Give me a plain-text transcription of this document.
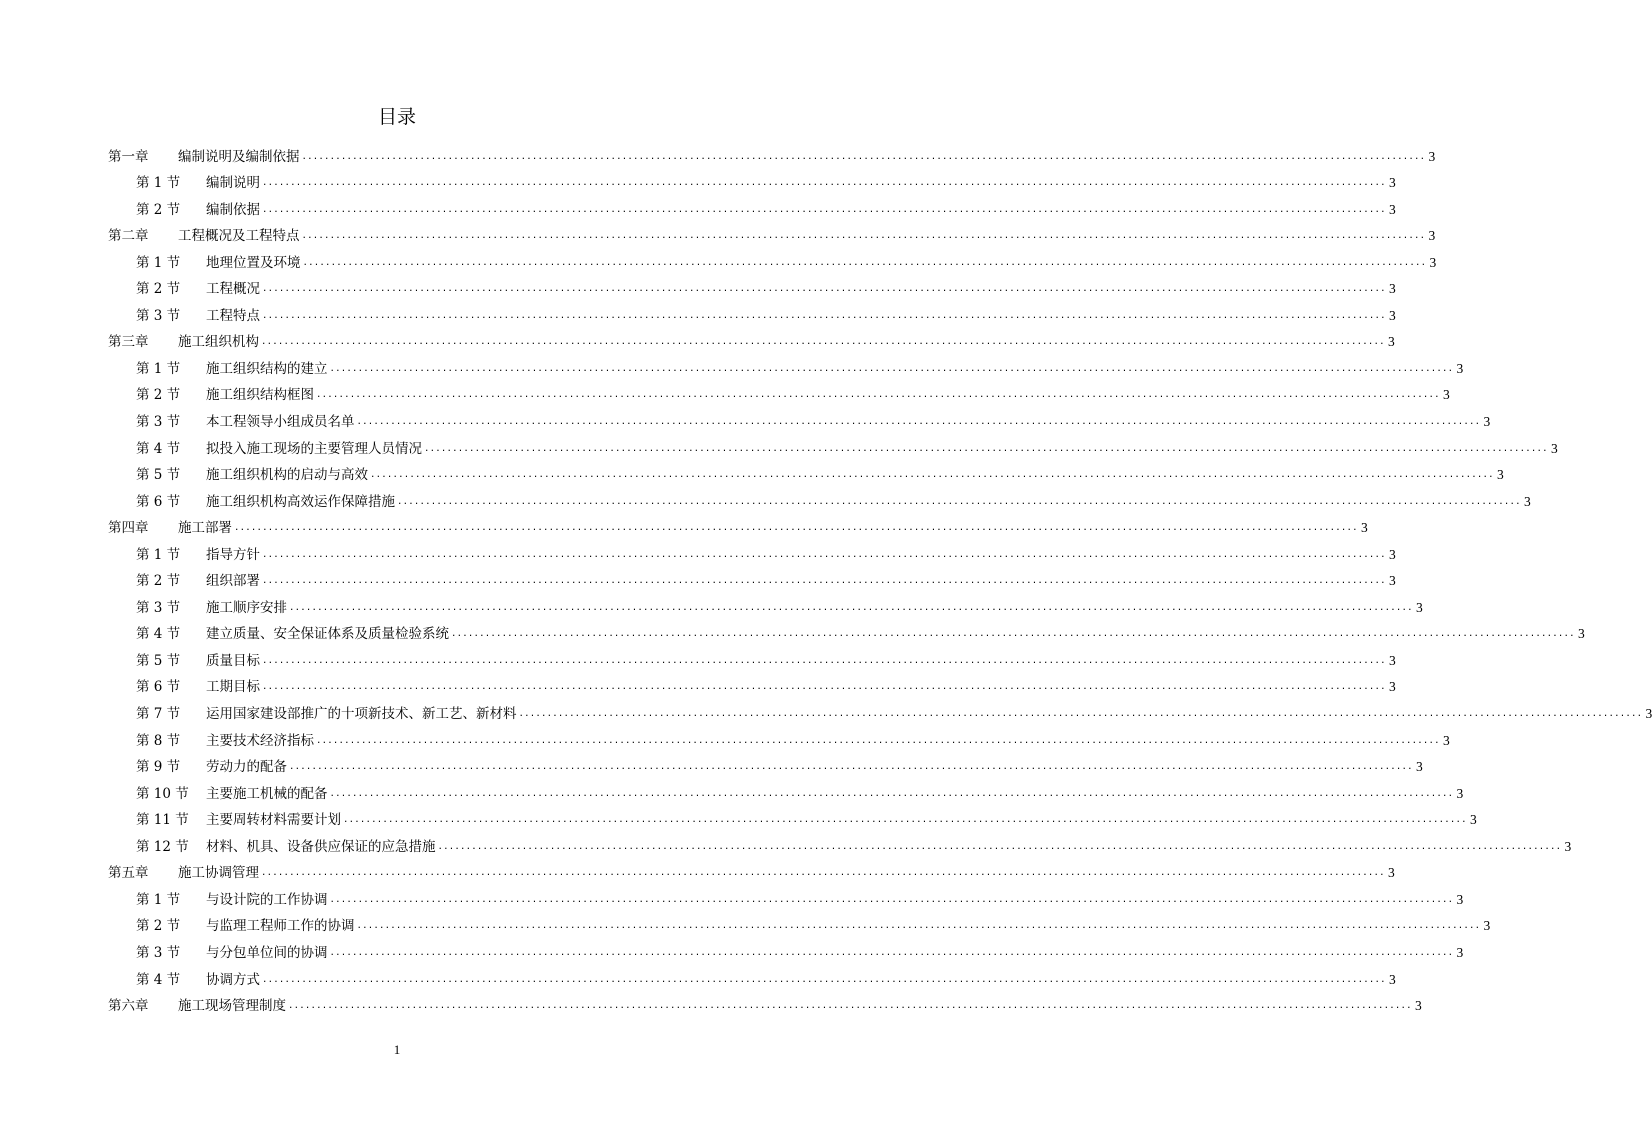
目录
第一章	编制说明及编制依据 ........................................................................................................................................................................................................ 3
第 1 节	编制说明 ........................................................................................................................................................................................................ 3
第 2 节	编制依据 ........................................................................................................................................................................................................ 3
第二章	工程概况及工程特点 ........................................................................................................................................................................................................ 3
第 1 节	地理位置及环境 ........................................................................................................................................................................................................ 3
第 2 节	工程概况 ........................................................................................................................................................................................................ 3
第 3 节	工程特点 ........................................................................................................................................................................................................ 3
第三章	施工组织机构 ........................................................................................................................................................................................................ 3
第 1 节	施工组织结构的建立 ........................................................................................................................................................................................................ 3
第 2 节	施工组织结构框图 ........................................................................................................................................................................................................ 3
第 3 节	本工程领导小组成员名单 ........................................................................................................................................................................................................ 3
第 4 节	拟投入施工现场的主要管理人员情况 ........................................................................................................................................................................................................ 3
第 5 节	施工组织机构的启动与高效 ........................................................................................................................................................................................................ 3
第 6 节	施工组织机构高效运作保障措施 ........................................................................................................................................................................................................ 3
第四章	施工部署 ........................................................................................................................................................................................................ 3
第 1 节	指导方针 ........................................................................................................................................................................................................ 3
第 2 节	组织部署 ........................................................................................................................................................................................................ 3
第 3 节	施工顺序安排 ........................................................................................................................................................................................................ 3
第 4 节	建立质量、安全保证体系及质量检验系统 ........................................................................................................................................................................................................ 3
第 5 节	质量目标 ........................................................................................................................................................................................................ 3
第 6 节	工期目标 ........................................................................................................................................................................................................ 3
第 7 节	运用国家建设部推广的十项新技术、新工艺、新材料 ........................................................................................................................................................................................................ 3
第 8 节	主要技术经济指标 ........................................................................................................................................................................................................ 3
第 9 节	劳动力的配备 ........................................................................................................................................................................................................ 3
第 10 节	主要施工机械的配备 ........................................................................................................................................................................................................ 3
第 11 节	主要周转材料需要计划 ........................................................................................................................................................................................................ 3
第 12 节	材料、机具、设备供应保证的应急措施 ........................................................................................................................................................................................................ 3
第五章	施工协调管理 ........................................................................................................................................................................................................ 3
第 1 节	与设计院的工作协调 ........................................................................................................................................................................................................ 3
第 2 节	与监理工程师工作的协调 ........................................................................................................................................................................................................ 3
第 3 节	与分包单位间的协调 ........................................................................................................................................................................................................ 3
第 4 节	协调方式 ........................................................................................................................................................................................................ 3
第六章	施工现场管理制度 ........................................................................................................................................................................................................ 3
1
